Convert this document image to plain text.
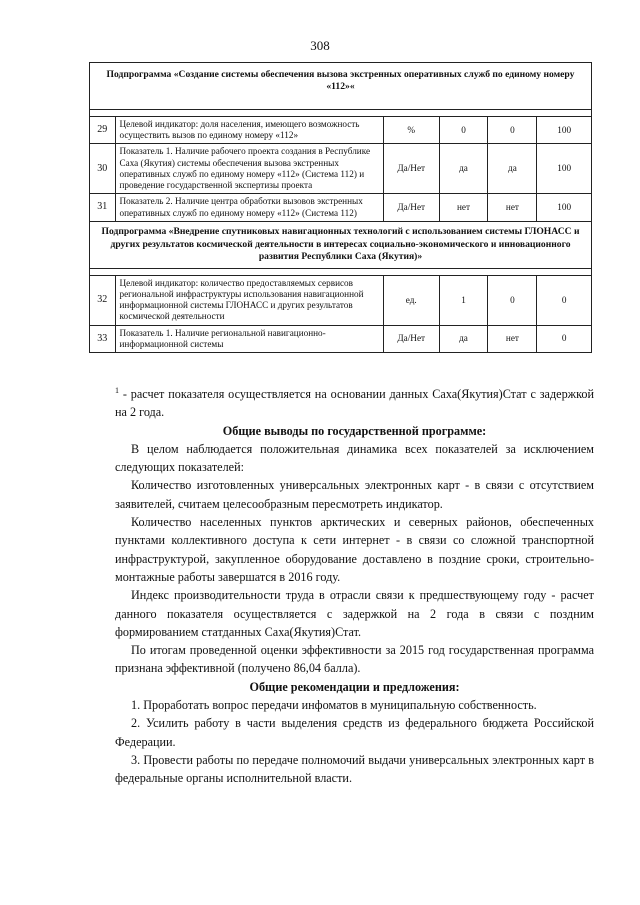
308
Подпрограмма «Создание системы обеспечения вызова экстренных оперативных служб по единому номеру «112»«					

29	Целевой индикатор: доля населения, имеющего возможность осуществить вызов по единому номеру «112»	%	0	0	100
30	Показатель 1. Наличие рабочего проекта создания в Республике Саха (Якутия) системы обеспечения вызова экстренных оперативных служб по единому номеру «112» (Система 112) и проведение государственной экспертизы проекта	Да/Нет	да	да	100
31	Показатель 2. Наличие центра обработки вызовов экстренных оперативных служб по единому номеру «112» (Система 112)	Да/Нет	нет	нет	100
Подпрограмма «Внедрение спутниковых навигационных технологий с использованием системы ГЛОНАСС и других результатов космической деятельности в интересах социально-экономического и инновационного развития Республики Саха (Якутия)»					

32	Целевой индикатор: количество предоставляемых сервисов региональной инфраструктуры использования навигационной информационной системы ГЛОНАСС и других результатов космической деятельности	ед.	1	0	0
33	Показатель 1. Наличие региональной навигационно-информационной системы	Да/Нет	да	нет	0

$^1$ - расчет показателя осуществляется на основании данных Саха(Якутия)Стат с задержкой на 2 года.

Общие выводы по государственной программе:

В целом наблюдается положительная динамика всех показателей за исключением следующих показателей:

Количество изготовленных универсальных электронных карт - в связи с отсутствием заявителей, считаем целесообразным пересмотреть индикатор.

Количество населенных пунктов арктических и северных районов, обеспеченных пунктами коллективного доступа к сети интернет - в связи со сложной транспортной инфраструктурой, закупленное оборудование доставлено в поздние сроки, строительно-монтажные работы завершатся в 2016 году.

Индекс производительности труда в отрасли связи к предшествующему году - расчет данного показателя осуществляется с задержкой на 2 года в связи с поздним формированием статданных Саха(Якутия)Стат.

По итогам проведенной оценки эффективности за 2015 год государственная программа признана эффективной (получено 86,04 балла).

Общие рекомендации и предложения:

1. Проработать вопрос передачи инфоматов в муниципальную собственность.

2. Усилить работу в части выделения средств из федерального бюджета Российской Федерации.

3. Провести работы по передаче полномочий выдачи универсальных электронных карт в федеральные органы исполнительной власти.
